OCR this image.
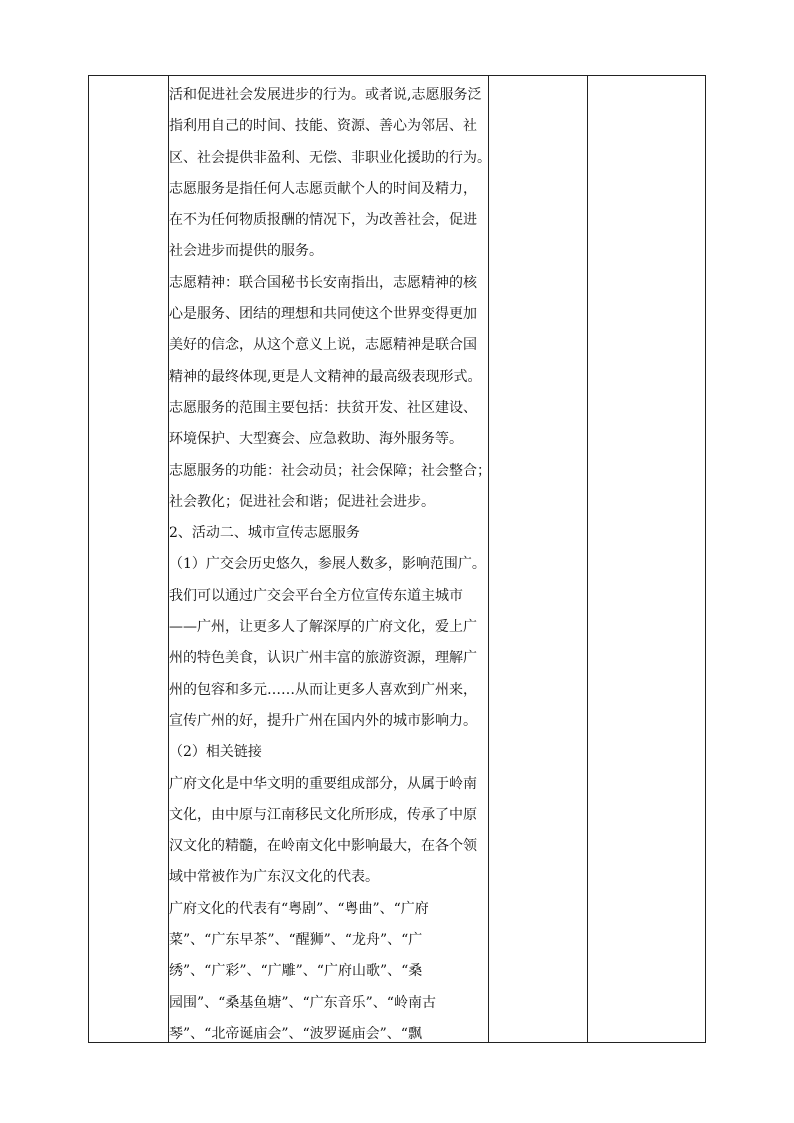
活和促进社会发展进步的行为。或者说,志愿服务泛
指利用自己的时间、技能、资源、善心为邻居、社
区、社会提供非盈利、无偿、非职业化援助的行为。
志愿服务是指任何人志愿贡献个人的时间及精力，
在不为任何物质报酬的情况下，为改善社会，促进
社会进步而提供的服务。
志愿精神：联合国秘书长安南指出，志愿精神的核
心是服务、团结的理想和共同使这个世界变得更加
美好的信念，从这个意义上说，志愿精神是联合国
精神的最终体现,更是人文精神的最高级表现形式。
志愿服务的范围主要包括：扶贫开发、社区建设、
环境保护、大型赛会、应急救助、海外服务等。
志愿服务的功能：社会动员；社会保障；社会整合；
社会教化；促进社会和谐；促进社会进步。
2、活动二、城市宣传志愿服务
（1）广交会历史悠久，参展人数多，影响范围广。
我们可以通过广交会平台全方位宣传东道主城市
——广州，让更多人了解深厚的广府文化，爱上广
州的特色美食，认识广州丰富的旅游资源，理解广
州的包容和多元……从而让更多人喜欢到广州来，
宣传广州的好，提升广州在国内外的城市影响力。
（2）相关链接
广府文化是中华文明的重要组成部分，从属于岭南
文化，由中原与江南移民文化所形成，传承了中原
汉文化的精髓，在岭南文化中影响最大，在各个领
域中常被作为广东汉文化的代表。
广府文化的代表有“粤剧”、“粤曲”、“广府
菜”、“广东早茶”、“醒狮”、“龙舟”、“广
绣”、“广彩”、“广雕”、“广府山歌”、“桑
园围”、“桑基鱼塘”、“广东音乐”、“岭南古
琴”、“北帝诞庙会”、“波罗诞庙会”、“飘
